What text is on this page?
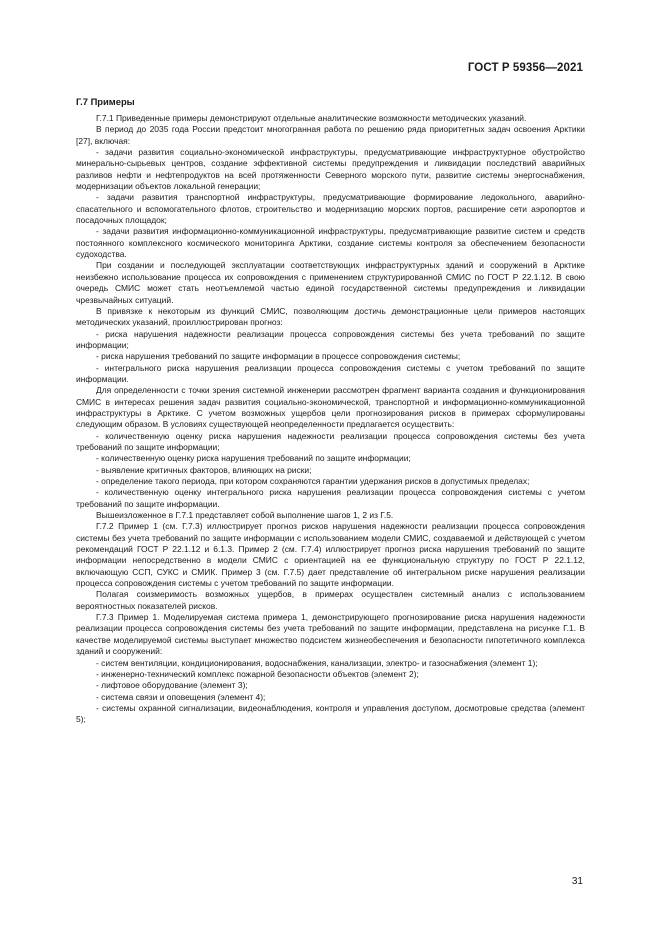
ГОСТ Р 59356—2021
Г.7 Примеры

Г.7.1 Приведенные примеры демонстрируют отдельные аналитические возможности методических указаний.

В период до 2035 года России предстоит многогранная работа по решению ряда приоритетных задач освоения Арктики [27], включая:

- задачи развития социально-экономической инфраструктуры, предусматривающие инфраструктурное обустройство минерально-сырьевых центров, создание эффективной системы предупреждения и ликвидации последствий аварийных разливов нефти и нефтепродуктов на всей протяженности Северного морского пути, развитие системы энергоснабжения, модернизации объектов локальной генерации;

- задачи развития транспортной инфраструктуры, предусматривающие формирование ледокольного, аварийно-спасательного и вспомогательного флотов, строительство и модернизацию морских портов, расширение сети аэропортов и посадочных площадок;

- задачи развития информационно-коммуникационной инфраструктуры, предусматривающие развитие систем и средств постоянного комплексного космического мониторинга Арктики, создание системы контроля за обеспечением безопасности судоходства.

При создании и последующей эксплуатации соответствующих инфраструктурных зданий и сооружений в Арктике неизбежно использование процесса их сопровождения с применением структурированной СМИС по ГОСТ Р 22.1.12. В свою очередь СМИС может стать неотъемлемой частью единой государственной системы предупреждения и ликвидации чрезвычайных ситуаций.

В привязке к некоторым из функций СМИС, позволяющим достичь демонстрационные цели примеров настоящих методических указаний, проиллюстрирован прогноз:

- риска нарушения надежности реализации процесса сопровождения системы без учета требований по защите информации;

- риска нарушения требований по защите информации в процессе сопровождения системы;

- интегрального риска нарушения реализации процесса сопровождения системы с учетом требований по защите информации.

Для определенности с точки зрения системной инженерии рассмотрен фрагмент варианта создания и функционирования СМИС в интересах решения задач развития социально-экономической, транспортной и информационно-коммуникационной инфраструктуры в Арктике. С учетом возможных ущербов цели прогнозирования рисков в примерах сформулированы следующим образом. В условиях существующей неопределенности предлагается осуществить:

- количественную оценку риска нарушения надежности реализации процесса сопровождения системы без учета требований по защите информации;

- количественную оценку риска нарушения требований по защите информации;

- выявление критичных факторов, влияющих на риски;

- определение такого периода, при котором сохраняются гарантии удержания рисков в допустимых пределах;

- количественную оценку интегрального риска нарушения реализации процесса сопровождения системы с учетом требований по защите информации.

Вышеизложенное в Г.7.1 представляет собой выполнение шагов 1, 2 из Г.5.

Г.7.2 Пример 1 (см. Г.7.3) иллюстрирует прогноз рисков нарушения надежности реализации процесса сопровождения системы без учета требований по защите информации с использованием модели СМИС, создаваемой и действующей с учетом рекомендаций ГОСТ Р 22.1.12 и 6.1.3. Пример 2 (см. Г.7.4) иллюстрирует прогноз риска нарушения требований по защите информации непосредственно в модели СМИС с ориентацией на ее функциональную структуру по ГОСТ Р 22.1.12, включающую ССП, СУКС и СМИК. Пример 3 (см. Г.7.5) дает представление об интегральном риске нарушения реализации процесса сопровождения системы с учетом требований по защите информации.

Полагая соизмеримость возможных ущербов, в примерах осуществлен системный анализ с использованием вероятностных показателей рисков.

Г.7.3 Пример 1. Моделируемая система примера 1, демонстрирующего прогнозирование риска нарушения надежности реализации процесса сопровождения системы без учета требований по защите информации, представлена на рисунке Г.1. В качестве моделируемой системы выступает множество подсистем жизнеобеспечения и безопасности гипотетичного комплекса зданий и сооружений:

- систем вентиляции, кондиционирования, водоснабжения, канализации, электро- и газоснабжения (элемент 1);

- инженерно-технический комплекс пожарной безопасности объектов (элемент 2);

- лифтовое оборудование (элемент 3);

- система связи и оповещения (элемент 4);

- системы охранной сигнализации, видеонаблюдения, контроля и управления доступом, досмотровые средства (элемент 5);

31
